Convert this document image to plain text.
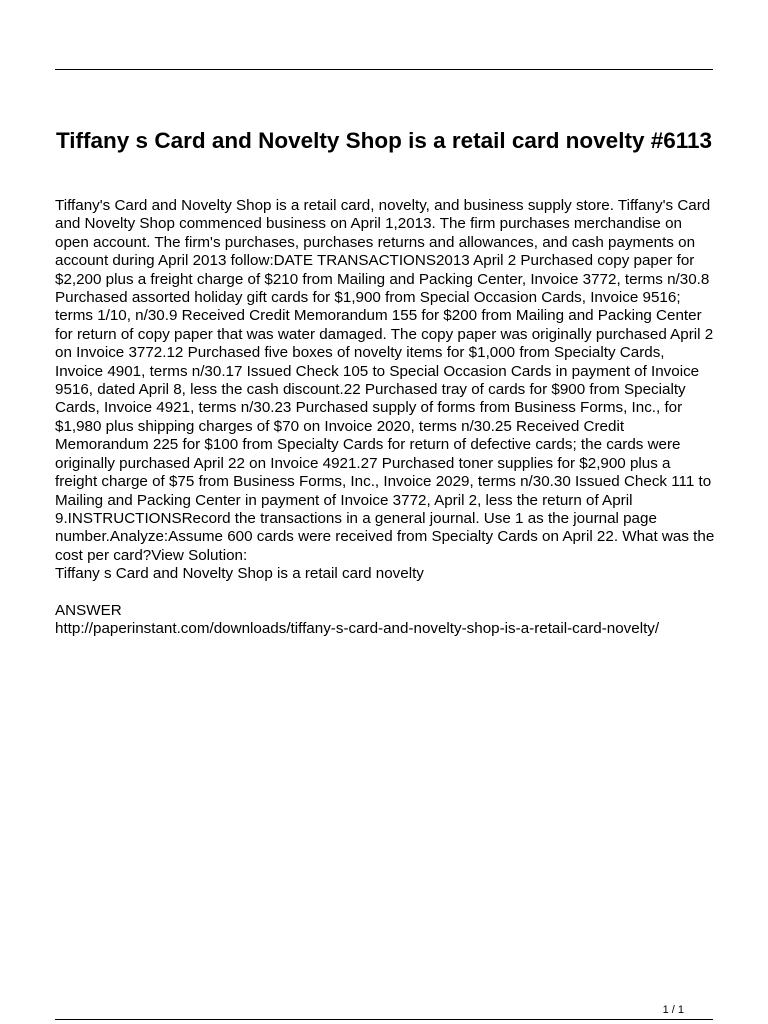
Tiffany s Card and Novelty Shop is a retail card novelty #6113

Tiffany's Card and Novelty Shop is a retail card, novelty, and business supply store. Tiffany's Card and Novelty Shop commenced business on April 1,2013. The firm purchases merchandise on open account. The firm's purchases, purchases returns and allowances, and cash payments on account during April 2013 follow:DATE TRANSACTIONS2013 April 2 Purchased copy paper for $2,200 plus a freight charge of $210 from Mailing and Packing Center, Invoice 3772, terms n/30.8 Purchased assorted holiday gift cards for $1,900 from Special Occasion Cards, Invoice 9516; terms 1/10, n/30.9 Received Credit Memorandum 155 for $200 from Mailing and Packing Center for return of copy paper that was water damaged. The copy paper was originally purchased April 2 on Invoice 3772.12 Purchased five boxes of novelty items for $1,000 from Specialty Cards, Invoice 4901, terms n/30.17 Issued Check 105 to Special Occasion Cards in payment of Invoice 9516, dated April 8, less the cash discount.22 Purchased tray of cards for $900 from Specialty Cards, Invoice 4921, terms n/30.23 Purchased supply of forms from Business Forms, Inc., for $1,980 plus shipping charges of $70 on Invoice 2020, terms n/30.25 Received Credit Memorandum 225 for $100 from Specialty Cards for return of defective cards; the cards were originally purchased April 22 on Invoice 4921.27 Purchased toner supplies for $2,900 plus a freight charge of $75 from Business Forms, Inc., Invoice 2029, terms n/30.30 Issued Check 111 to Mailing and Packing Center in payment of Invoice 3772, April 2, less the return of April 9.INSTRUCTIONSRecord the transactions in a general journal. Use 1 as the journal page number.Analyze:Assume 600 cards were received from Specialty Cards on April 22. What was the cost per card?View Solution:

Tiffany s Card and Novelty Shop is a retail card novelty

ANSWER

http://paperinstant.com/downloads/tiffany-s-card-and-novelty-shop-is-a-retail-card-novelty/

1 / 1
